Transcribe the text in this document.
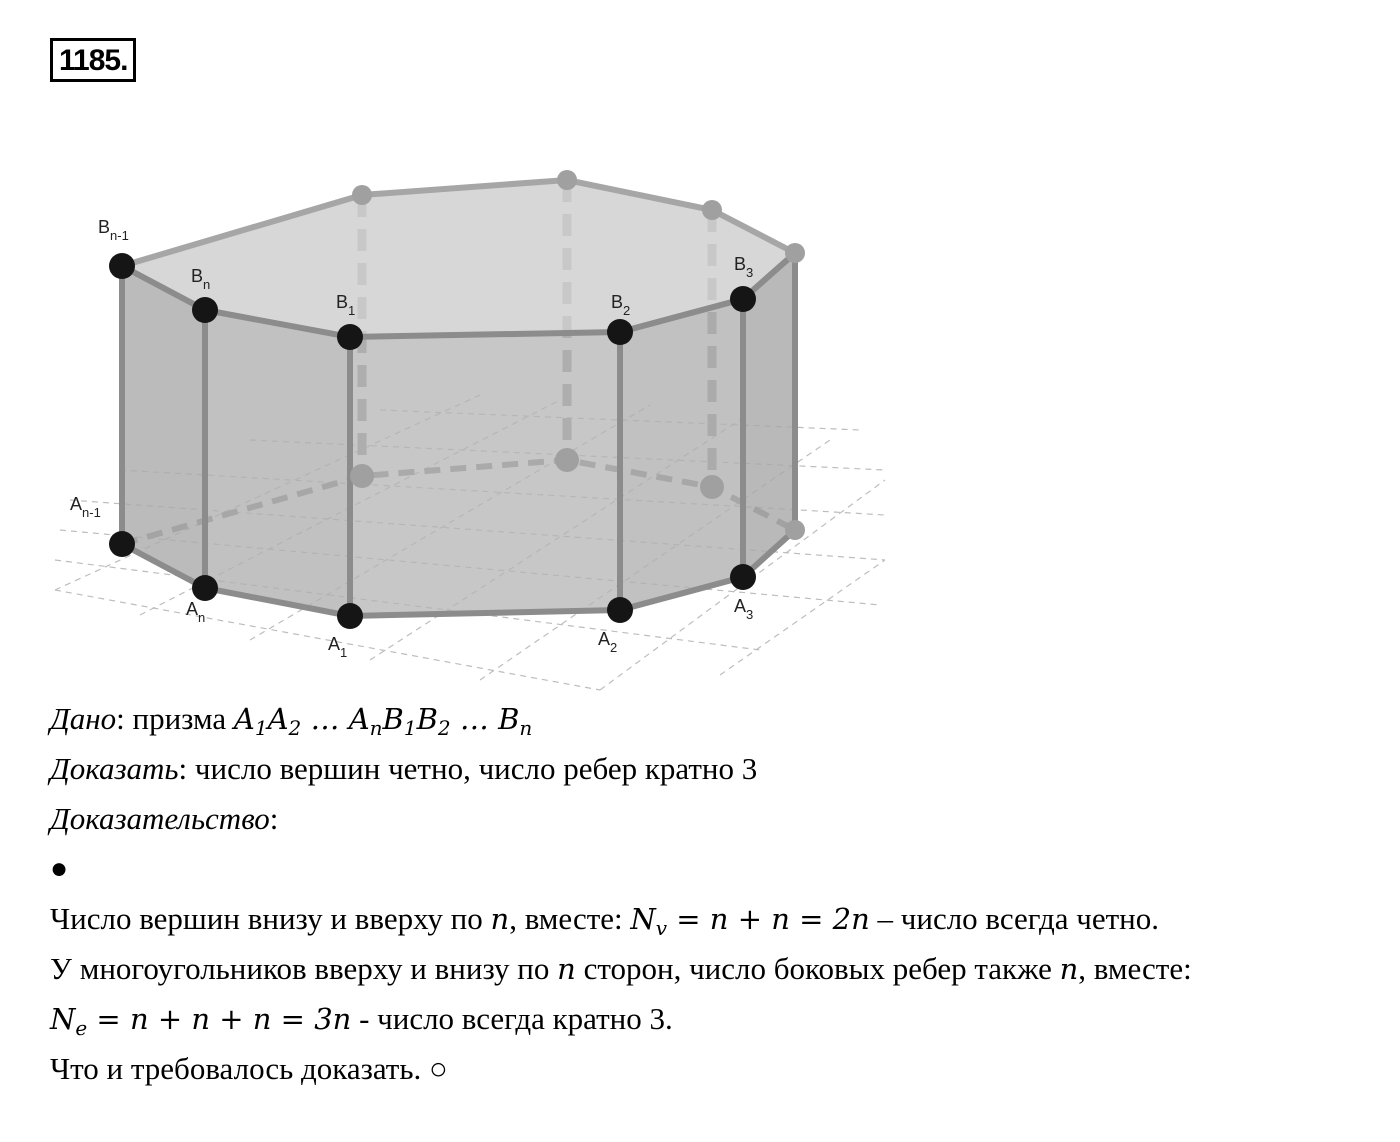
1185.
$B_{n-1}$
$B_n$
$B_1$	$B_2$
$B_3$
$A_{n-1}$
$A_n$
$A_1$
$A_2$
$A_3$
Дано: призма $A_1A_2$ … $A_nB_1B_2$ … $B_n$
Доказать: число вершин четно, число ребер кратно 3
Доказательство:
●
Число вершин внизу и вверху по n, вместе: $N_v = n + n = 2n$ – число всегда четно.
У многоугольников вверху и внизу по n сторон, число боковых ребер также n, вместе:
$N_e = n + n + n = 3n$ - число всегда кратно 3.
Что и требовалось доказать. ○
